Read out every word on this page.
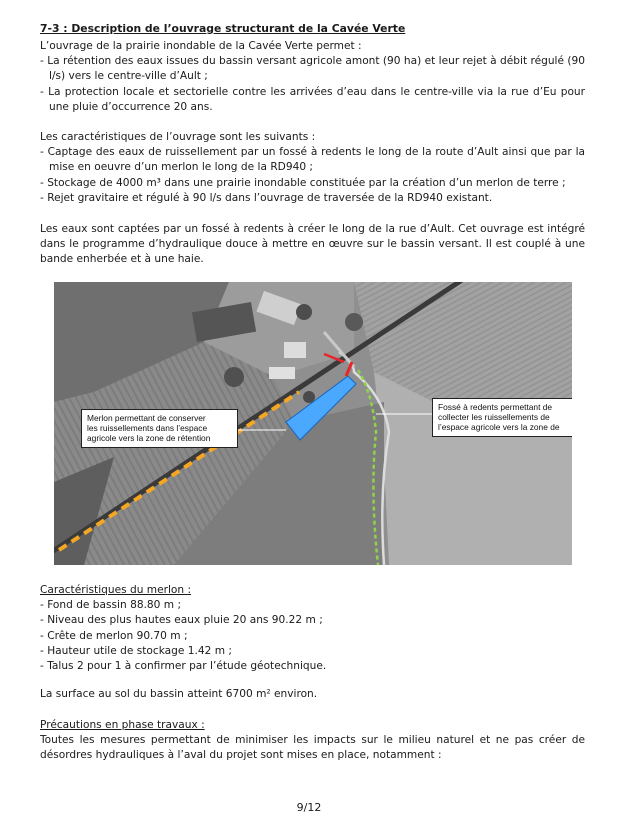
7-3 : Description de l’ouvrage structurant de la Cavée Verte

L’ouvrage de la prairie inondable de la Cavée Verte permet :

- La rétention des eaux issues du bassin versant agricole amont (90 ha) et leur rejet à débit régulé (90 l/s) vers le centre-ville d’Ault ;

- La protection locale et sectorielle contre les arrivées d’eau dans le centre-ville via la rue d’Eu pour une pluie d’occurrence 20 ans.

Les caractéristiques de l’ouvrage sont les suivants :

- Captage des eaux de ruissellement par un fossé à redents le long de la route d’Ault ainsi que par la mise en oeuvre d’un merlon le long de la RD940 ;

- Stockage de 4000 m³ dans une prairie inondable constituée par la création d’un merlon de terre ;

- Rejet gravitaire et régulé à 90 l/s dans l’ouvrage de traversée de la RD940 existant.

Les eaux sont captées par un fossé à redents à créer le long de la rue d’Ault. Cet ouvrage est intégré dans le programme d’hydraulique douce à mettre en œuvre sur le bassin versant. Il est couplé à une bande enherbée et à une haie.
Merlon permettant de conserver
les ruissellements dans l’espace
agricole vers la zone de rétention
Fossé à redents permettant de
collecter les ruissellements de
l’espace agricole vers la zone de

Caractéristiques du merlon :

- Fond de bassin 88.80 m ;

- Niveau des plus hautes eaux pluie 20 ans 90.22 m ;

- Crête de merlon 90.70 m ;

- Hauteur utile de stockage 1.42 m ;

- Talus 2 pour 1 à confirmer par l’étude géotechnique.

La surface au sol du bassin atteint 6700 m² environ.

Précautions en phase travaux :

Toutes les mesures permettant de minimiser les impacts sur le milieu naturel et ne pas créer de désordres hydrauliques à l’aval du projet sont mises en place, notamment :

9/12
